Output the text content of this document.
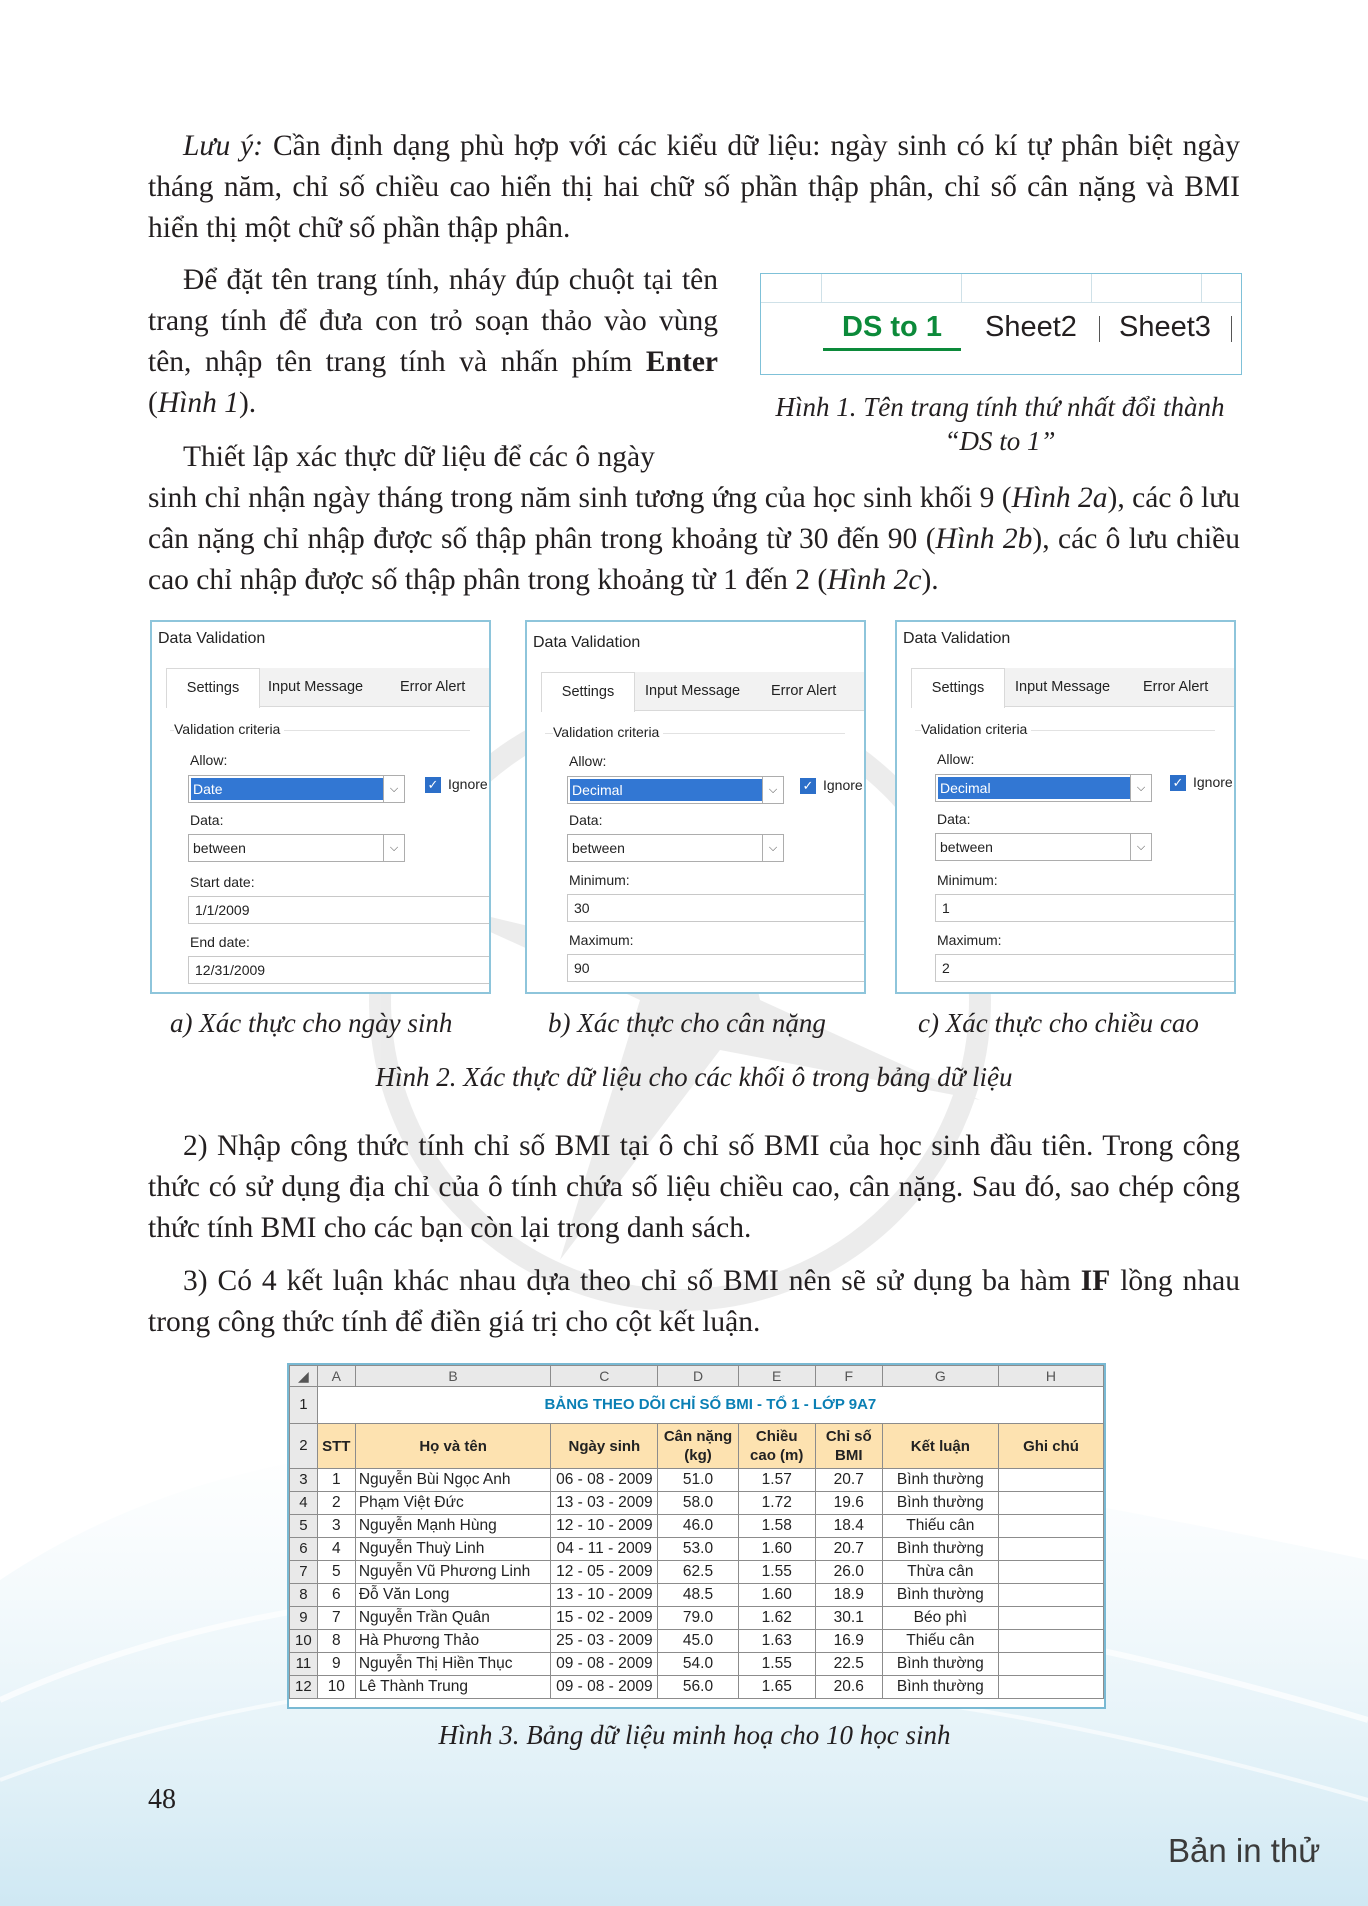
Lưu ý: Cần định dạng phù hợp với các kiểu dữ liệu: ngày sinh có kí tự phân biệt ngày tháng năm, chỉ số chiều cao hiển thị hai chữ số phần thập phân, chỉ số cân nặng và BMI hiển thị một chữ số phần thập phân.

Để đặt tên trang tính, nháy đúp chuột tại tên trang tính để đưa con trỏ soạn thảo vào vùng tên, nhập tên trang tính và nhấn phím Enter (Hình 1).

DS to 1	Sheet2 Sheet3
Hình 1. Tên trang tính thứ nhất đổi thành
“DS to 1”

Thiết lập xác thực dữ liệu để các ô ngày

sinh chỉ nhận ngày tháng trong năm sinh tương ứng của học sinh khối 9 (Hình 2a), các ô lưu cân nặng chỉ nhập được số thập phân trong khoảng từ 30 đến 90 (Hình 2b), các ô lưu chiều cao chỉ nhập được số thập phân trong khoảng từ 1 đến 2 (Hình 2c).

Data Validation
Settings	Input Message	Error Alert
Validation criteria
Allow:
Date	⌵	✓ Ignore
Data:
between	⌵
Start date:
1/1/2009
End date:
12/31/2009
Data Validation
Settings	Input Message Error Alert
Validation criteria
Allow:
Decimal	⌵	✓ Ignore
Data:
between	⌵
Minimum:
30
Maximum:
90
Data Validation
Settings	Input Message Error Alert
Validation criteria
Allow:
Decimal	⌵	✓ Ignore
Data:
between	⌵
Minimum:
1
Maximum:
2
a) Xác thực cho ngày sinh	b) Xác thực cho cân nặng	c) Xác thực cho chiều cao
Hình 2. Xác thực dữ liệu cho các khối ô trong bảng dữ liệu

2) Nhập công thức tính chỉ số BMI tại ô chỉ số BMI của học sinh đầu tiên. Trong công thức có sử dụng địa chỉ của ô tính chứa số liệu chiều cao, cân nặng. Sau đó, sao chép công thức tính BMI cho các bạn còn lại trong danh sách.

3) Có 4 kết luận khác nhau dựa theo chỉ số BMI nên sẽ sử dụng ba hàm IF lồng nhau trong công thức tính để điền giá trị cho cột kết luận.

◢	A	B	C	D	E	F	G	H
1	BẢNG THEO DÕI CHỈ SỐ BMI - TỔ 1 - LỚP 9A7							
2	STT	Họ và tên	Ngày sinh	Cân nặng (kg)	Chiều cao (m)	Chỉ số BMI	Kết luận	Ghi chú
3	1	Nguyễn Bùi Ngọc Anh	06 - 08 - 2009	51.0	1.57	20.7	Bình thường	
4	2	Phạm Việt Đức	13 - 03 - 2009	58.0	1.72	19.6	Bình thường	
5	3	Nguyễn Mạnh Hùng	12 - 10 - 2009	46.0	1.58	18.4	Thiếu cân	
6	4	Nguyễn Thuỳ Linh	04 - 11 - 2009	53.0	1.60	20.7	Bình thường	
7	5	Nguyễn Vũ Phương Linh	12 - 05 - 2009	62.5	1.55	26.0	Thừa cân	
8	6	Đỗ Văn Long	13 - 10 - 2009	48.5	1.60	18.9	Bình thường	
9	7	Nguyễn Trần Quân	15 - 02 - 2009	79.0	1.62	30.1	Béo phì	
10	8	Hà Phương Thảo	25 - 03 - 2009	45.0	1.63	16.9	Thiếu cân	
11	9	Nguyễn Thị Hiền Thục	09 - 08 - 2009	54.0	1.55	22.5	Bình thường	
12	10	Lê Thành Trung	09 - 08 - 2009	56.0	1.65	20.6	Bình thường	
Hình 3. Bảng dữ liệu minh hoạ cho 10 học sinh
48
Bản in thử
